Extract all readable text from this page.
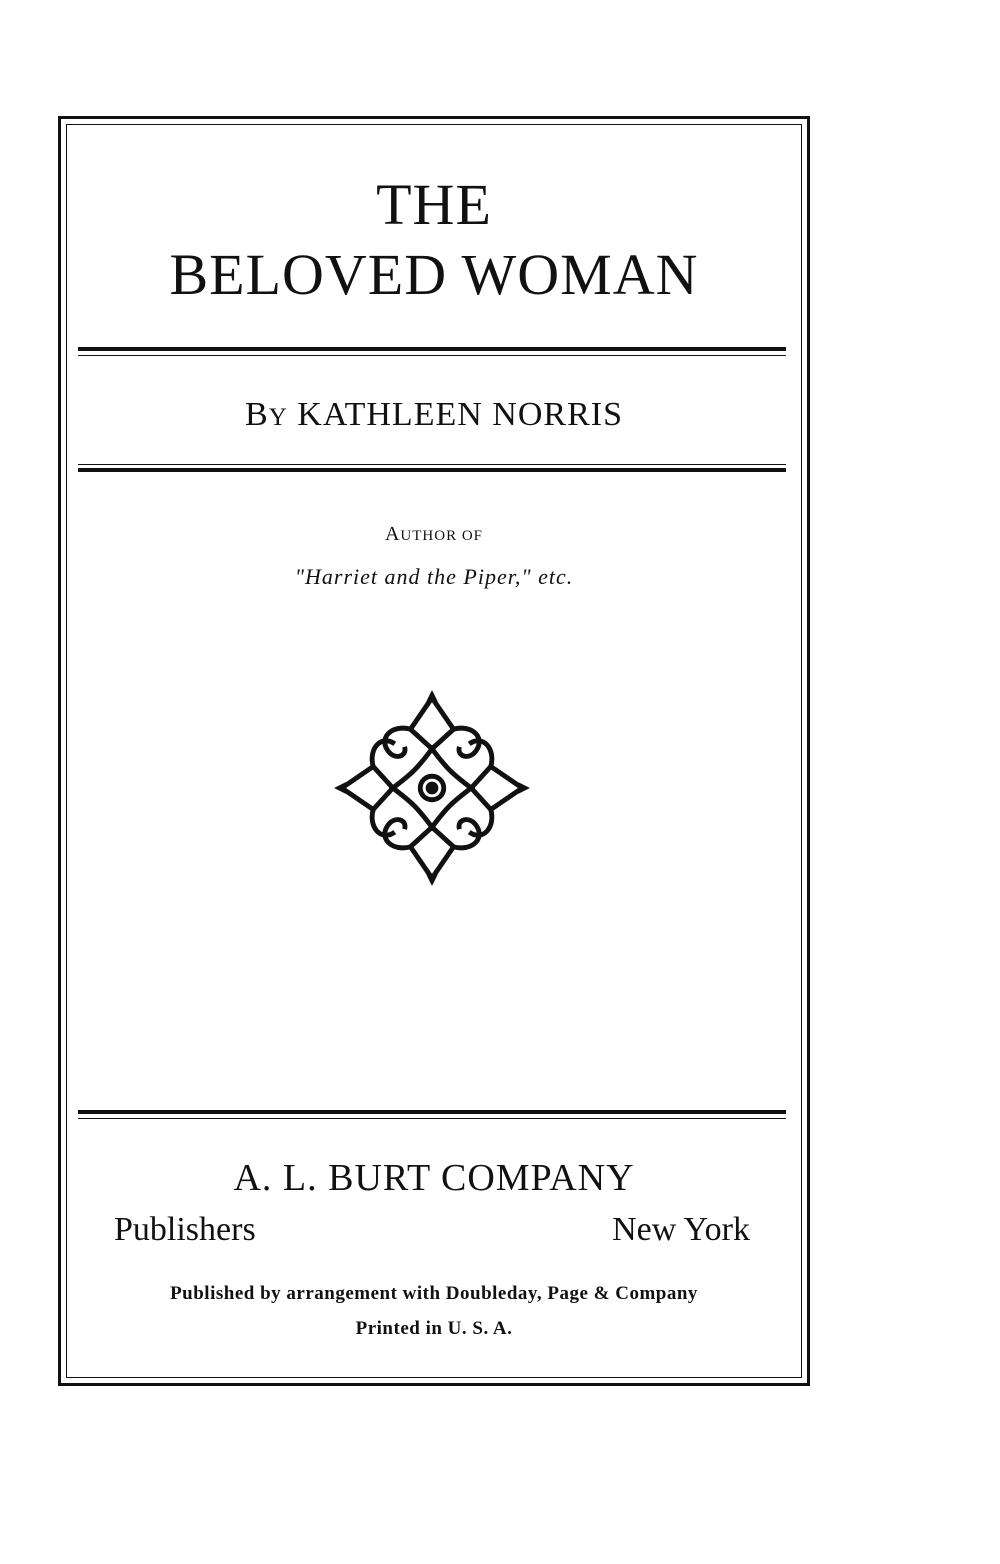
THE
BELOVED WOMAN
BY KATHLEEN NORRIS
AUTHOR OF
"Harriet and the Piper," etc.
A. L. BURT COMPANY
Publishers	New York
Published by arrangement with Doubleday, Page & Company
Printed in U. S. A.
